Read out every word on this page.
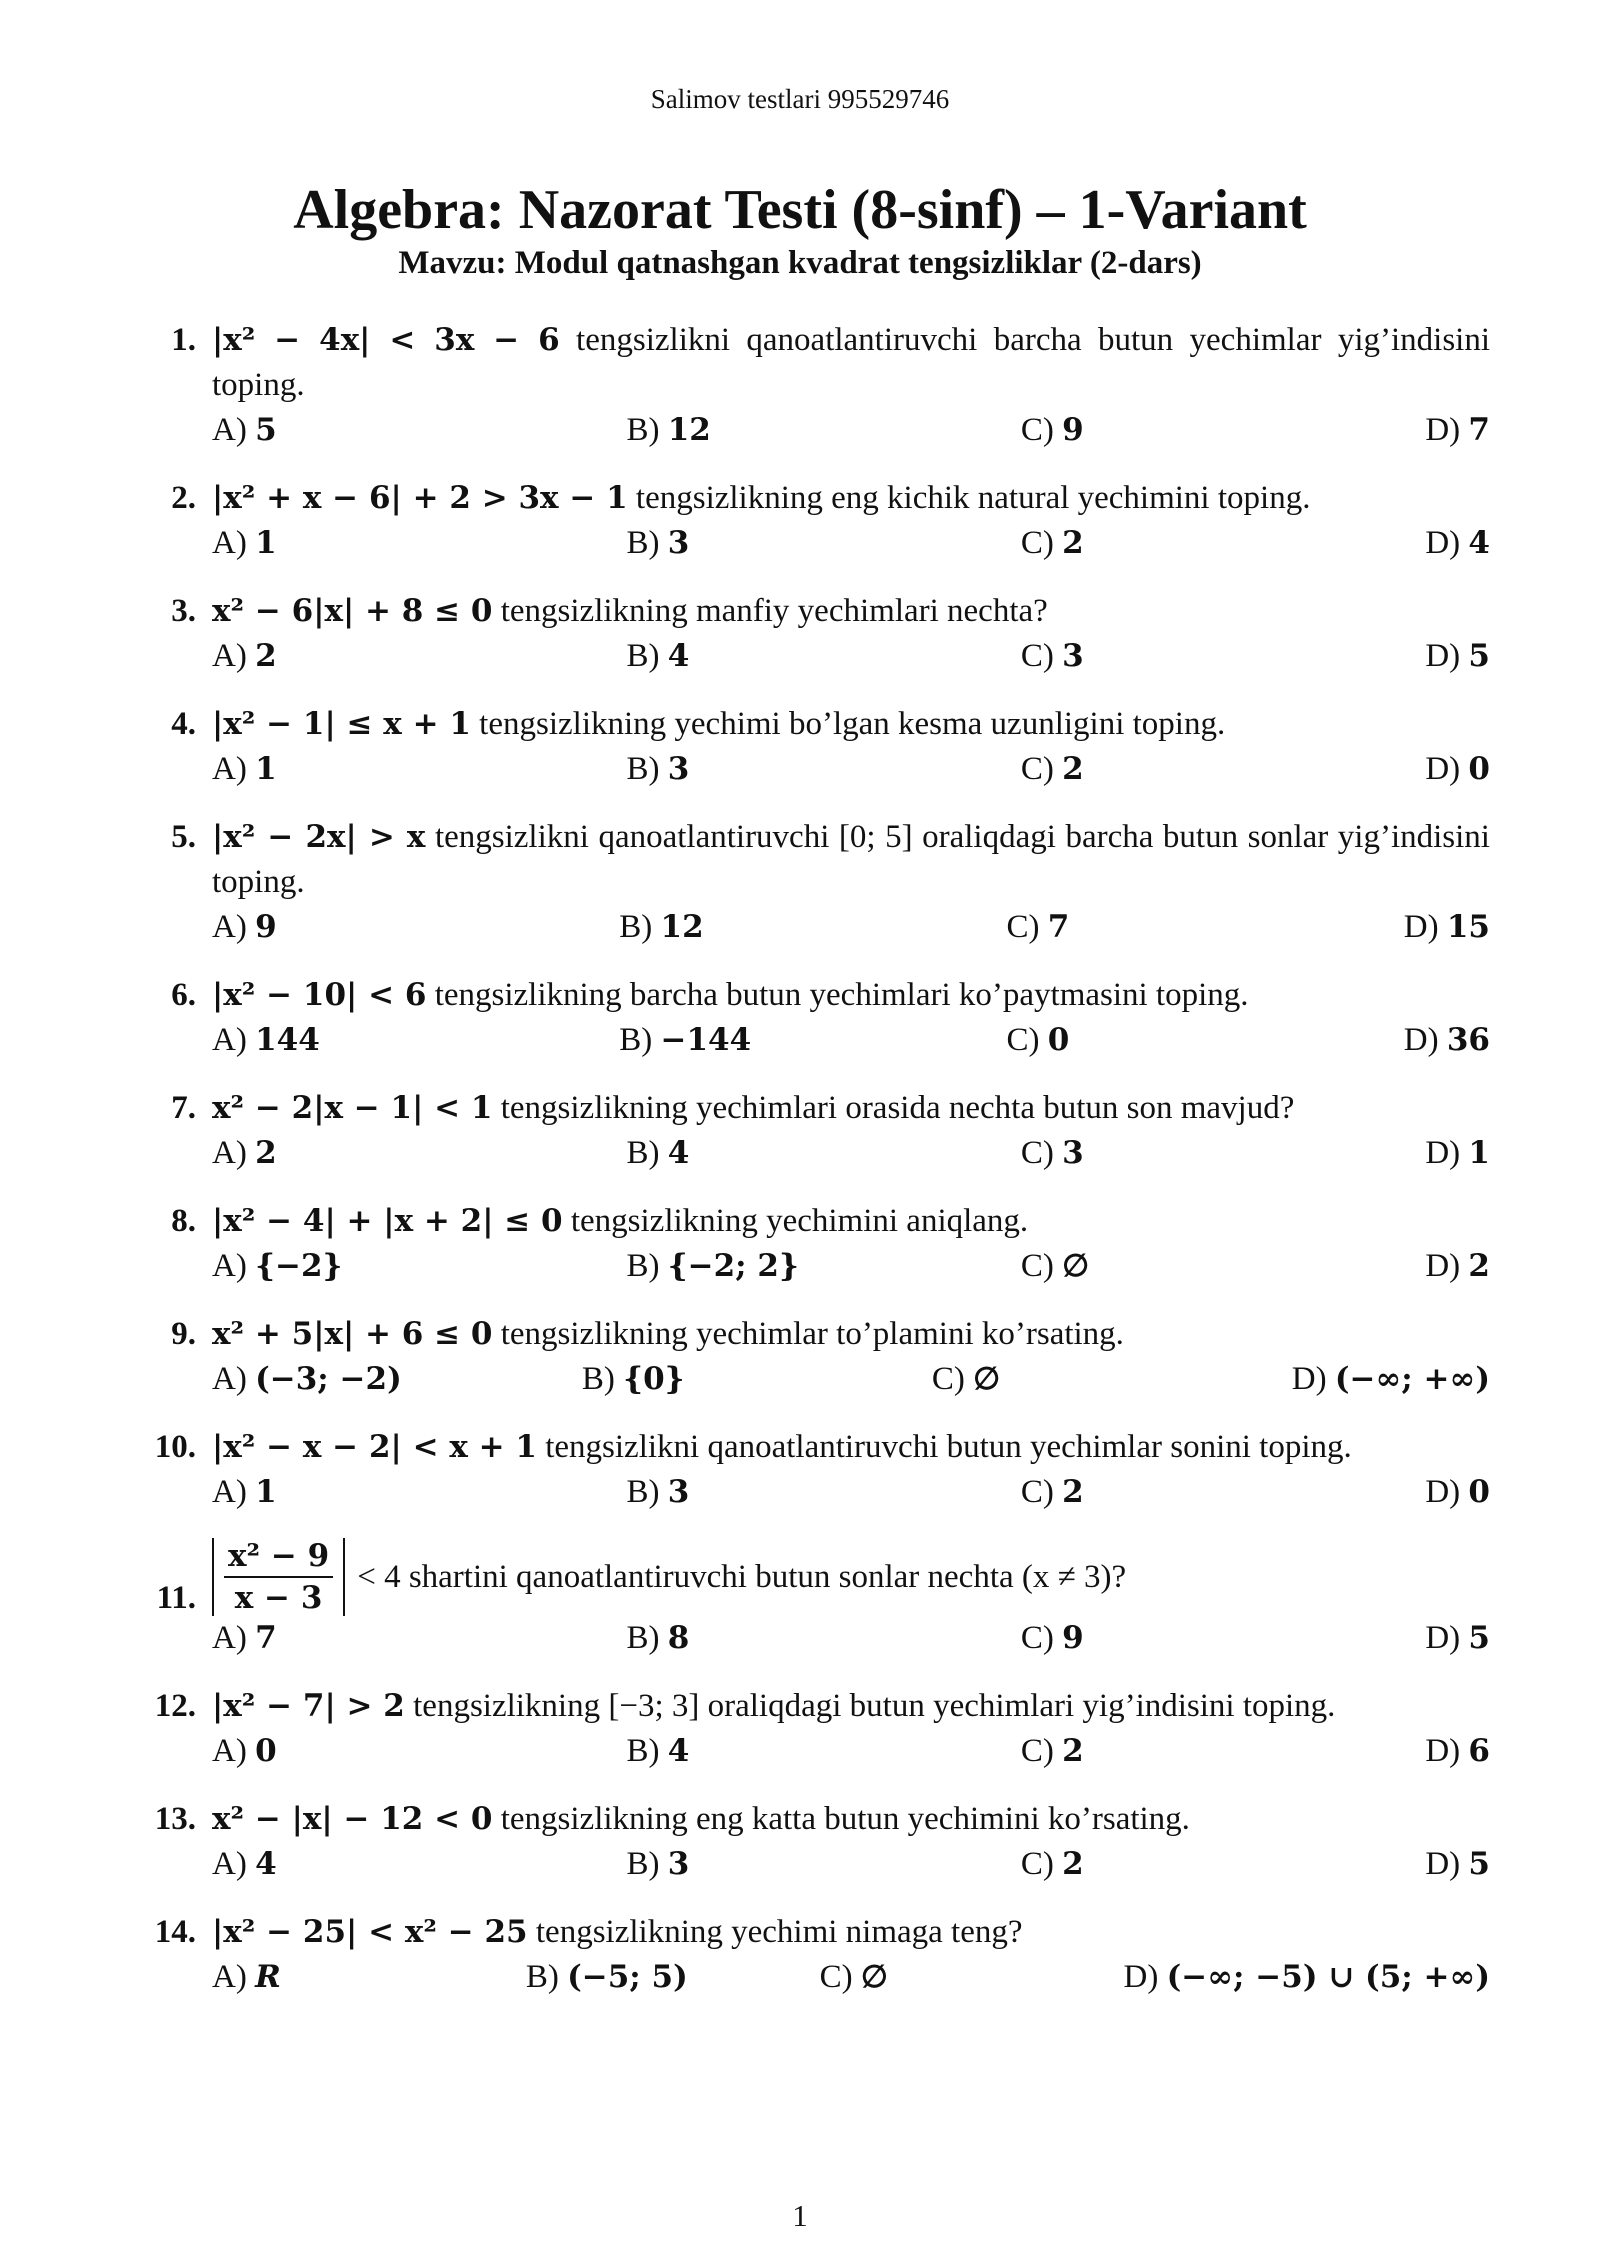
Salimov testlari 995529746
Algebra: Nazorat Testi (8-sinf) – 1-Variant
Mavzu: Modul qatnashgan kvadrat tengsizliklar (2-dars)
1. |x² − 4x| < 3x − 6 tengsizlikni qanoatlantiruvchi barcha butun yechimlar yig’indisini toping.
A) 5	B) 12	C) 9	D) 7
2. |x² + x − 6| + 2 > 3x − 1 tengsizlikning eng kichik natural yechimini toping.
A) 1	B) 3	C) 2	D) 4
3. x² − 6|x| + 8 ≤ 0 tengsizlikning manfiy yechimlari nechta?
A) 2	B) 4	C) 3	D) 5
4. |x² − 1| ≤ x + 1 tengsizlikning yechimi bo’lgan kesma uzunligini toping.
A) 1	B) 3	C) 2	D) 0
5. |x² − 2x| > x tengsizlikni qanoatlantiruvchi [0; 5] oraliqdagi barcha butun sonlar yig’indisini toping.
A) 9	B) 12	C) 7	D) 15
6. |x² − 10| < 6 tengsizlikning barcha butun yechimlari ko’paytmasini toping.
A) 144	B) −144	C) 0	D) 36
7. x² − 2|x − 1| < 1 tengsizlikning yechimlari orasida nechta butun son mavjud?
A) 2	B) 4	C) 3	D) 1
8. |x² − 4| + |x + 2| ≤ 0 tengsizlikning yechimini aniqlang.
A) {−2}	B) {−2; 2}	C) ∅	D) 2
9. x² + 5|x| + 6 ≤ 0 tengsizlikning yechimlar to’plamini ko’rsating.
A) (−3; −2)	B) {0}	C) ∅	D) (−∞; +∞)
10. |x² − x − 2| < x + 1 tengsizlikni qanoatlantiruvchi butun yechimlar sonini toping.
A) 1	B) 3	C) 2	D) 0
11. $\frac{\text{x² − 9}}{x - 3} < 4$ shartini qanoatlantiruvchi butun sonlar nechta (x ≠ 3)?
A) 7	B) 8	C) 9	D) 5
12. |x² − 7| > 2 tengsizlikning [−3; 3] oraliqdagi butun yechimlari yig’indisini toping.
A) 0	B) 4	C) 2	D) 6
13. x² − |x| − 12 < 0 tengsizlikning eng katta butun yechimini ko’rsating.
A) 4	B) 3	C) 2	D) 5
14. |x² − 25| < x² − 25 tengsizlikning yechimi nimaga teng?
A) R	B) (−5; 5)	C) ∅	D) (−∞; −5) ∪ (5; +∞)
1
